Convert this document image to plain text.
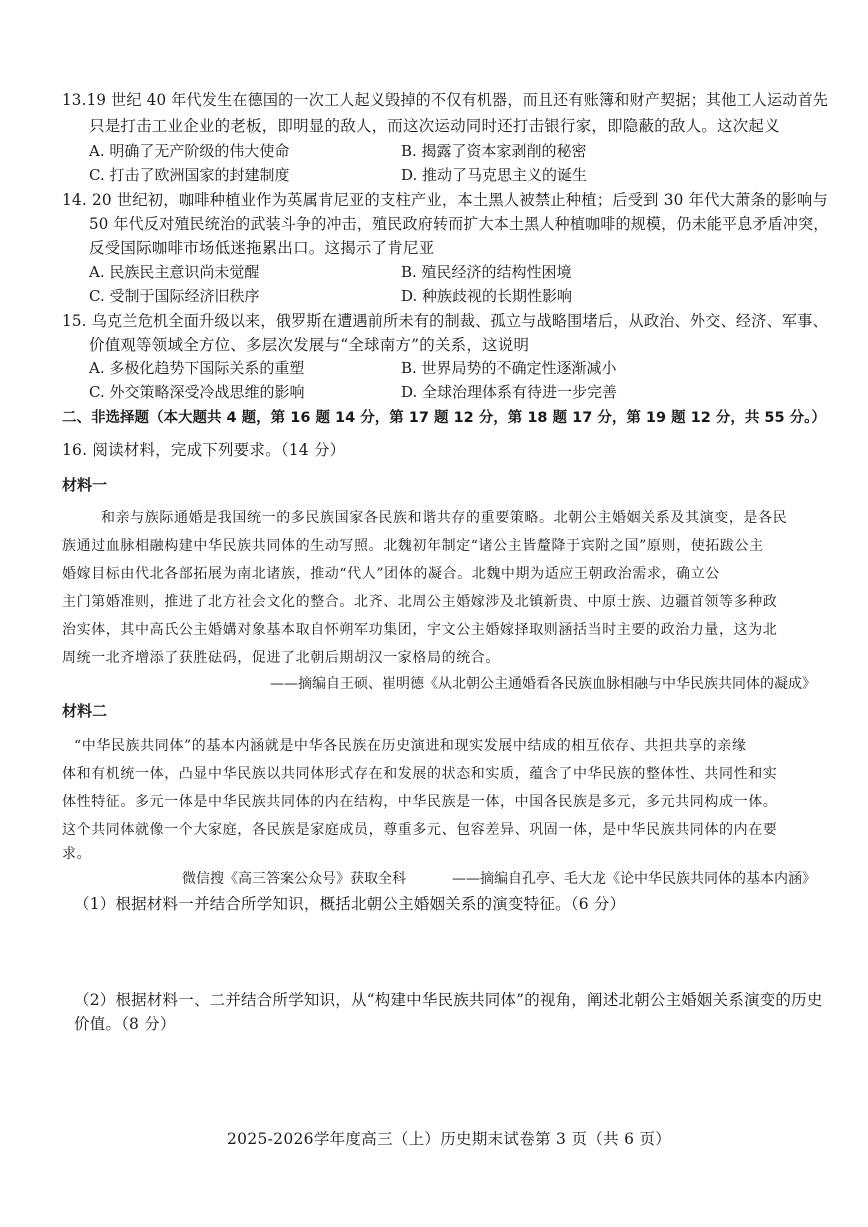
13.19 世纪 40 年代发生在德国的一次工人起义毁掉的不仅有机器，而且还有账簿和财产契据；其他工人运动首先
只是打击工业企业的老板，即明显的敌人，而这次运动同时还打击银行家，即隐蔽的敌人。这次起义
A. 明确了无产阶级的伟大使命	B. 揭露了资本家剥削的秘密
C. 打击了欧洲国家的封建制度	D. 推动了马克思主义的诞生
14. 20 世纪初，咖啡种植业作为英属肯尼亚的支柱产业，本土黑人被禁止种植；后受到 30 年代大萧条的影响与
50 年代反对殖民统治的武装斗争的冲击，殖民政府转而扩大本土黑人种植咖啡的规模，仍未能平息矛盾冲突，
反受国际咖啡市场低迷拖累出口。这揭示了肯尼亚
A. 民族民主意识尚未觉醒	B. 殖民经济的结构性困境
C. 受制于国际经济旧秩序	D. 种族歧视的长期性影响
15. 乌克兰危机全面升级以来，俄罗斯在遭遇前所未有的制裁、孤立与战略围堵后，从政治、外交、经济、军事、
价值观等领域全方位、多层次发展与“全球南方”的关系，这说明
A. 多极化趋势下国际关系的重塑	B. 世界局势的不确定性逐渐减小
C. 外交策略深受冷战思维的影响	D. 全球治理体系有待进一步完善
二、非选择题（本大题共 4 题，第 16 题 14 分，第 17 题 12 分，第 18 题 17 分，第 19 题 12 分，共 55 分。）
16. 阅读材料，完成下列要求。（14 分）
材料一
和亲与族际通婚是我国统一的多民族国家各民族和谐共存的重要策略。北朝公主婚姻关系及其演变，是各民
族通过血脉相融构建中华民族共同体的生动写照。北魏初年制定“诸公主皆釐降于宾附之国”原则，使拓跋公主
婚嫁目标由代北各部拓展为南北诸族，推动“代人”团体的凝合。北魏中期为适应王朝政治需求，确立公
主门第婚准则，推进了北方社会文化的整合。北齐、北周公主婚嫁涉及北镇新贵、中原士族、边疆首领等多种政
治实体，其中高氏公主婚媾对象基本取自怀朔军功集团，宇文公主婚嫁择取则涵括当时主要的政治力量，这为北
周统一北齐增添了获胜砝码，促进了北朝后期胡汉一家格局的统合。
——摘编自王硕、崔明德《从北朝公主通婚看各民族血脉相融与中华民族共同体的凝成》
材料二
“中华民族共同体”的基本内涵就是中华各民族在历史演进和现实发展中结成的相互依存、共担共享的亲缘
体和有机统一体，凸显中华民族以共同体形式存在和发展的状态和实质，蕴含了中华民族的整体性、共同性和实
体性特征。多元一体是中华民族共同体的内在结构，中华民族是一体，中国各民族是多元，多元共同构成一体。
这个共同体就像一个大家庭，各民族是家庭成员，尊重多元、包容差异、巩固一体，是中华民族共同体的内在要
求。
微信搜《高三答案公众号》获取全科	——摘编自孔亭、毛大龙《论中华民族共同体的基本内涵》
（1）根据材料一并结合所学知识，概括北朝公主婚姻关系的演变特征。（6 分）
（2）根据材料一、二并结合所学知识，从“构建中华民族共同体”的视角，阐述北朝公主婚姻关系演变的历史
价值。（8 分）
2025-2026学年度高三（上）历史期末试卷第 3 页（共 6 页）
